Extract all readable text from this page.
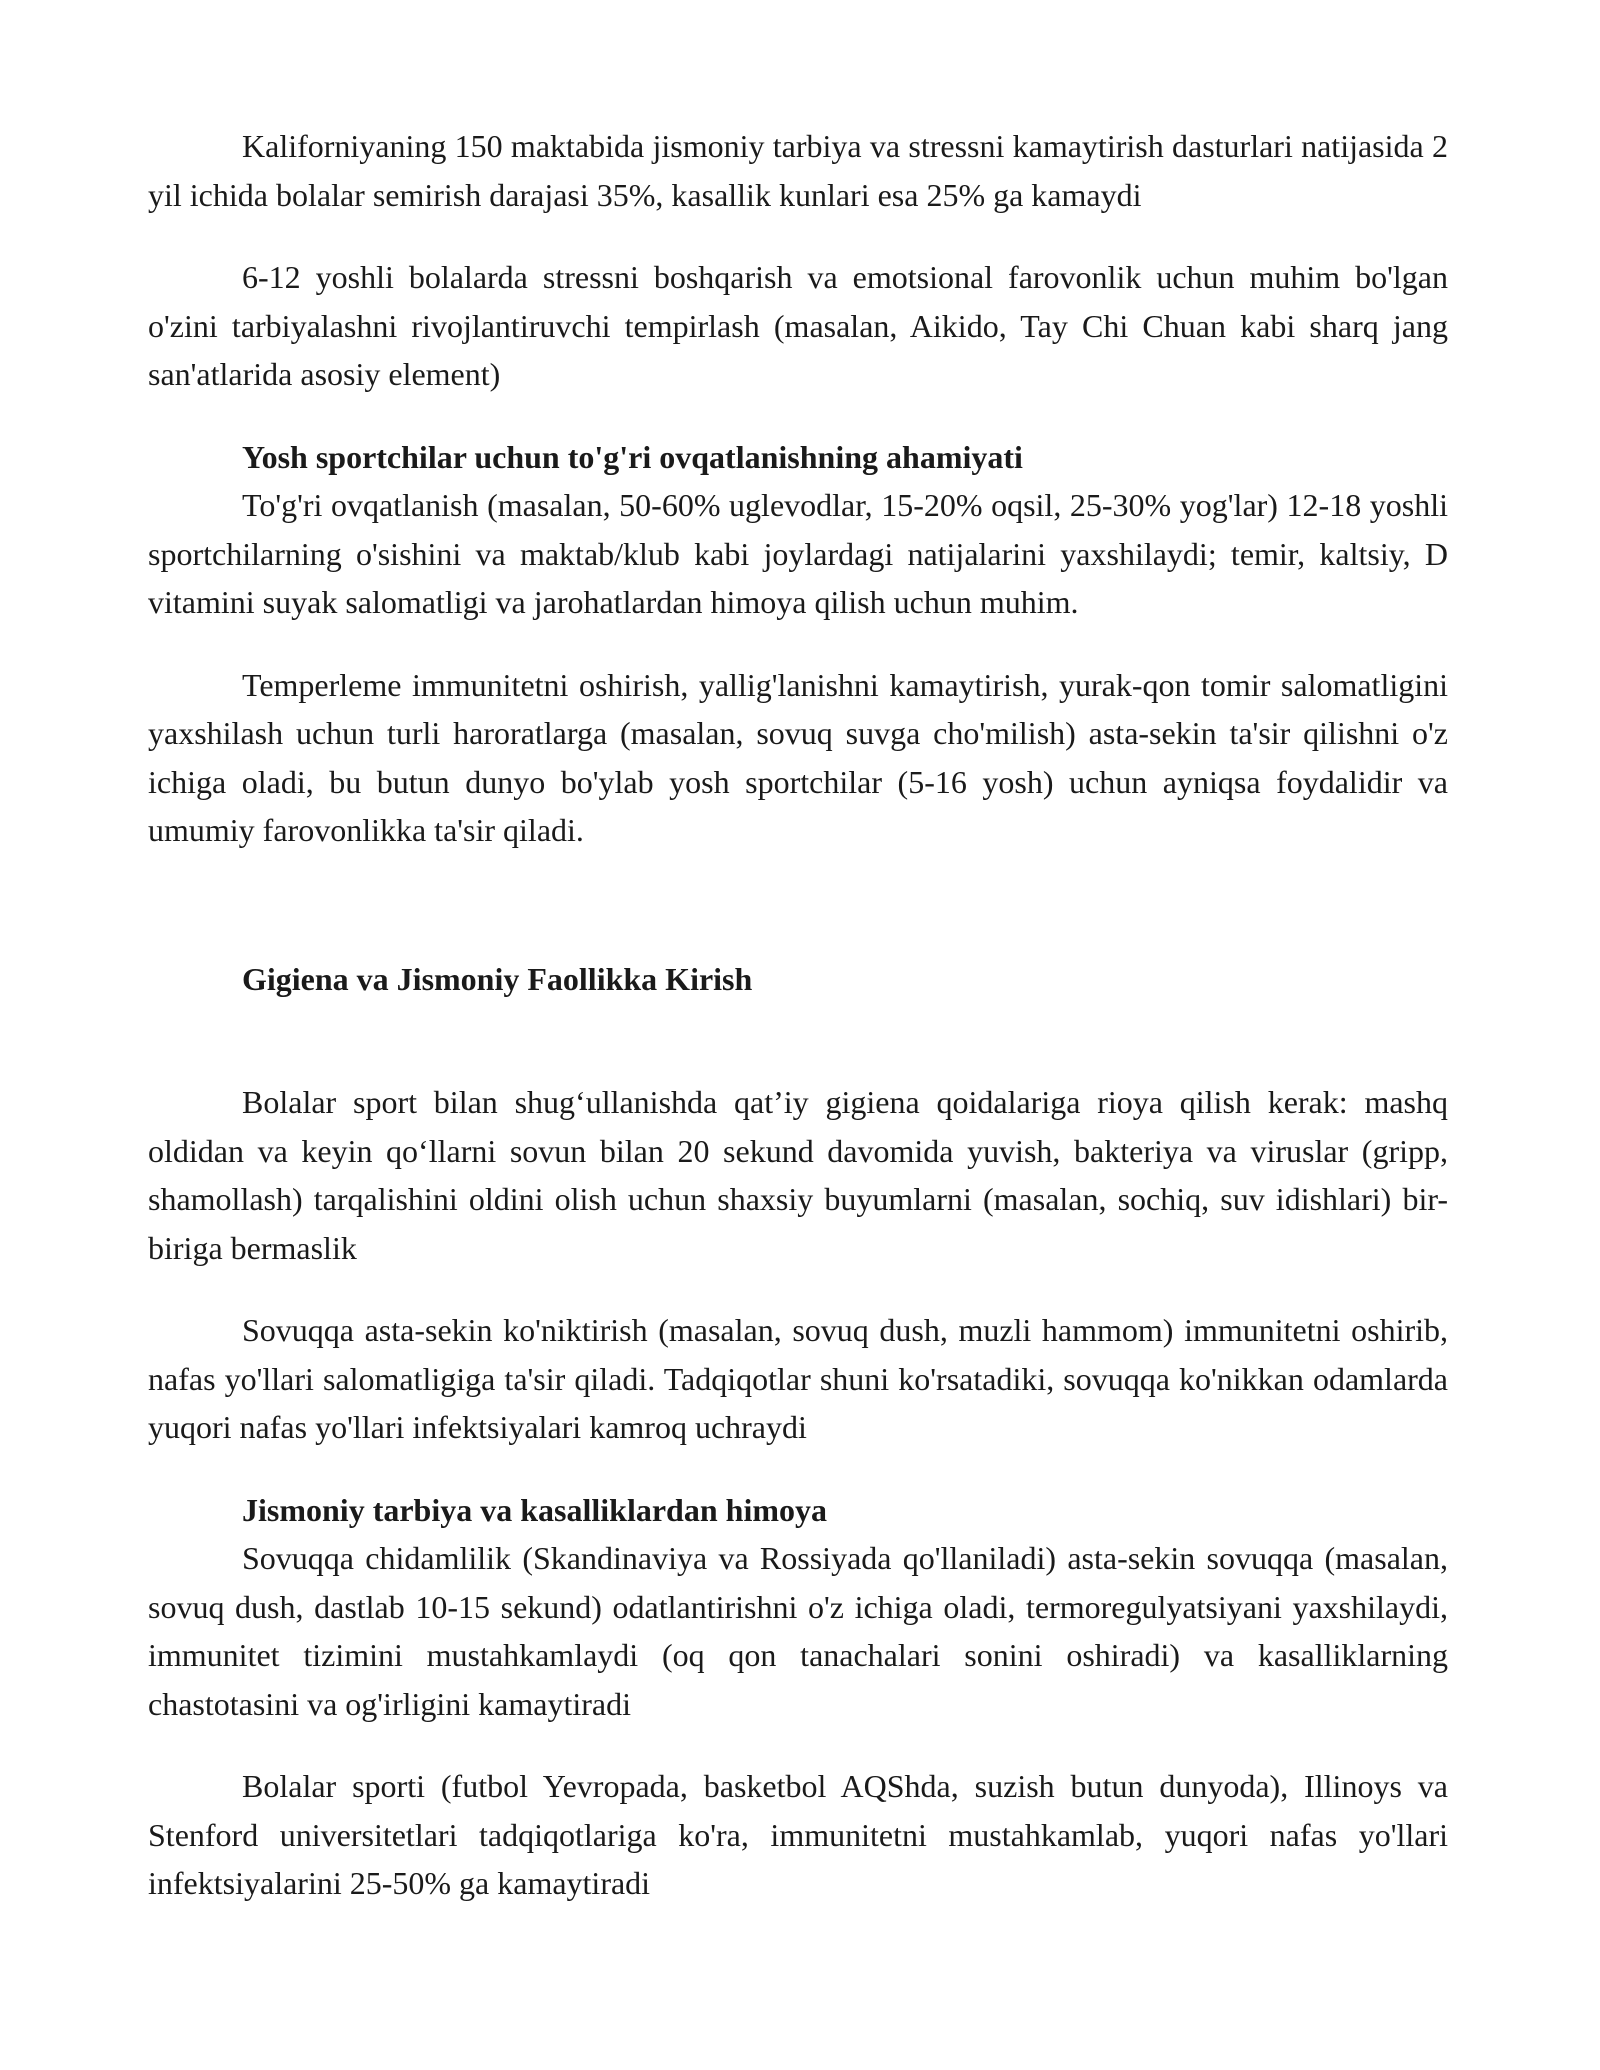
Kaliforniyaning 150 maktabida jismoniy tarbiya va stressni kamaytirish dasturlari natijasida 2 yil ichida bolalar semirish darajasi 35%, kasallik kunlari esa 25% ga kamaydi

6-12 yoshli bolalarda stressni boshqarish va emotsional farovonlik uchun muhim bo'lgan o'zini tarbiyalashni rivojlantiruvchi tempirlash (masalan, Aikido, Tay Chi Chuan kabi sharq jang san'atlarida asosiy element)

Yosh sportchilar uchun to'g'ri ovqatlanishning ahamiyati

To'g'ri ovqatlanish (masalan, 50-60% uglevodlar, 15-20% oqsil, 25-30% yog'lar) 12-18 yoshli sportchilarning o'sishini va maktab/klub kabi joylardagi natijalarini yaxshilaydi; temir, kaltsiy, D vitamini suyak salomatligi va jarohatlardan himoya qilish uchun muhim.

Temperleme immunitetni oshirish, yallig'lanishni kamaytirish, yurak-qon tomir salomatligini yaxshilash uchun turli haroratlarga (masalan, sovuq suvga cho'milish) asta-sekin ta'sir qilishni o'z ichiga oladi, bu butun dunyo bo'ylab yosh sportchilar (5-16 yosh) uchun ayniqsa foydalidir va umumiy farovonlikka ta'sir qiladi.

Gigiena va Jismoniy Faollikka Kirish

Bolalar sport bilan shug‘ullanishda qat’iy gigiena qoidalariga rioya qilish kerak: mashq oldidan va keyin qo‘llarni sovun bilan 20 sekund davomida yuvish, bakteriya va viruslar (gripp, shamollash) tarqalishini oldini olish uchun shaxsiy buyumlarni (masalan, sochiq, suv idishlari) bir-biriga bermaslik

Sovuqqa asta-sekin ko'niktirish (masalan, sovuq dush, muzli hammom) immunitetni oshirib, nafas yo'llari salomatligiga ta'sir qiladi. Tadqiqotlar shuni ko'rsatadiki, sovuqqa ko'nikkan odamlarda yuqori nafas yo'llari infektsiyalari kamroq uchraydi

Jismoniy tarbiya va kasalliklardan himoya

Sovuqqa chidamlilik (Skandinaviya va Rossiyada qo'llaniladi) asta-sekin sovuqqa (masalan, sovuq dush, dastlab 10-15 sekund) odatlantirishni o'z ichiga oladi, termoregulyatsiyani yaxshilaydi, immunitet tizimini mustahkamlaydi (oq qon tanachalari sonini oshiradi) va kasalliklarning chastotasini va og'irligini kamaytiradi

Bolalar sporti (futbol Yevropada, basketbol AQShda, suzish butun dunyoda), Illinoys va Stenford universitetlari tadqiqotlariga ko'ra, immunitetni mustahkamlab, yuqori nafas yo'llari infektsiyalarini 25-50% ga kamaytiradi
